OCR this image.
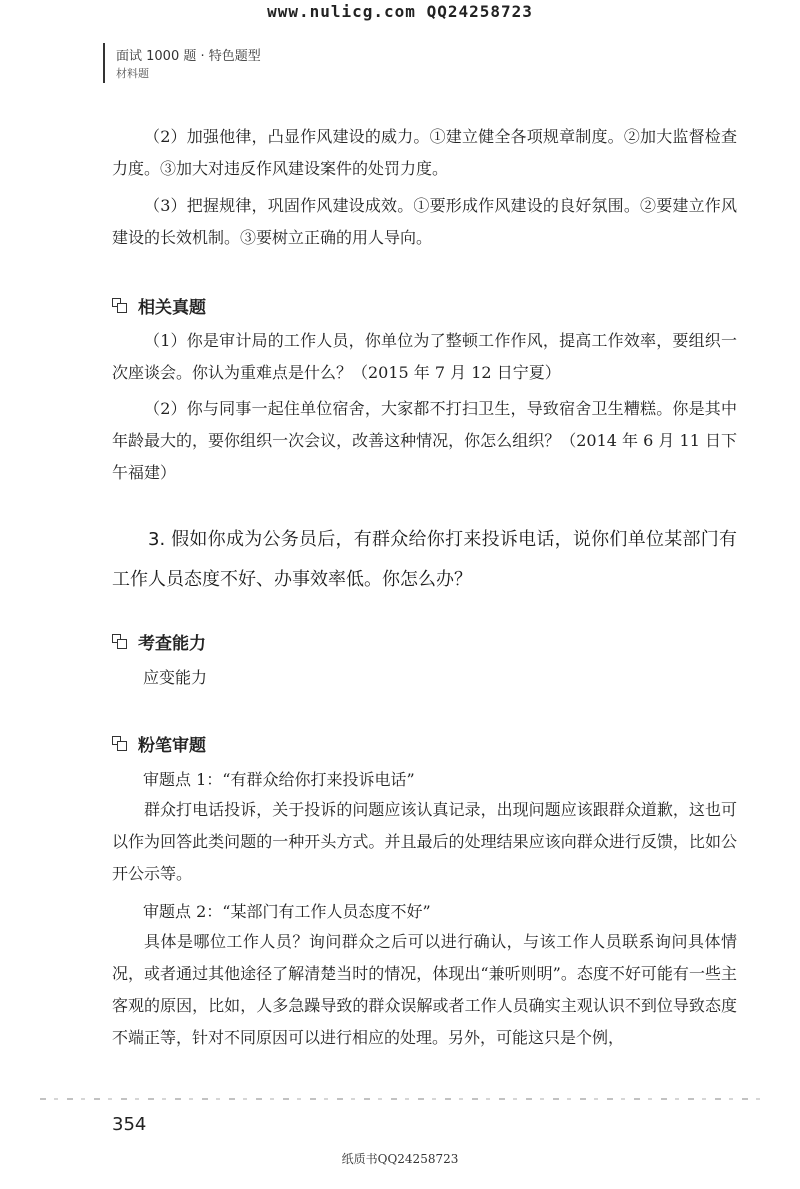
www.nulicg.com QQ24258723
面试 1000 题 · 特色题型
材料题

（2）加强他律，凸显作风建设的威力。①建立健全各项规章制度。②加大监督检查力度。③加大对违反作风建设案件的处罚力度。

（3）把握规律，巩固作风建设成效。①要形成作风建设的良好氛围。②要建立作风建设的长效机制。③要树立正确的用人导向。

相关真题

（1）你是审计局的工作人员，你单位为了整顿工作作风，提高工作效率，要组织一次座谈会。你认为重难点是什么？（2015 年 7 月 12 日宁夏）

（2）你与同事一起住单位宿舍，大家都不打扫卫生，导致宿舍卫生糟糕。你是其中年龄最大的，要你组织一次会议，改善这种情况，你怎么组织？（2014 年 6 月 11 日下午福建）

3. 假如你成为公务员后，有群众给你打来投诉电话，说你们单位某部门有工作人员态度不好、办事效率低。你怎么办？

考查能力
应变能力
粉笔审题
审题点 1：“有群众给你打来投诉电话”

群众打电话投诉，关于投诉的问题应该认真记录，出现问题应该跟群众道歉，这也可以作为回答此类问题的一种开头方式。并且最后的处理结果应该向群众进行反馈，比如公开公示等。

审题点 2：“某部门有工作人员态度不好”

具体是哪位工作人员？询问群众之后可以进行确认，与该工作人员联系询问具体情况，或者通过其他途径了解清楚当时的情况，体现出“兼听则明”。态度不好可能有一些主客观的原因，比如，人多急躁导致的群众误解或者工作人员确实主观认识不到位导致态度不端正等，针对不同原因可以进行相应的处理。另外，可能这只是个例，

354
纸质书QQ24258723
